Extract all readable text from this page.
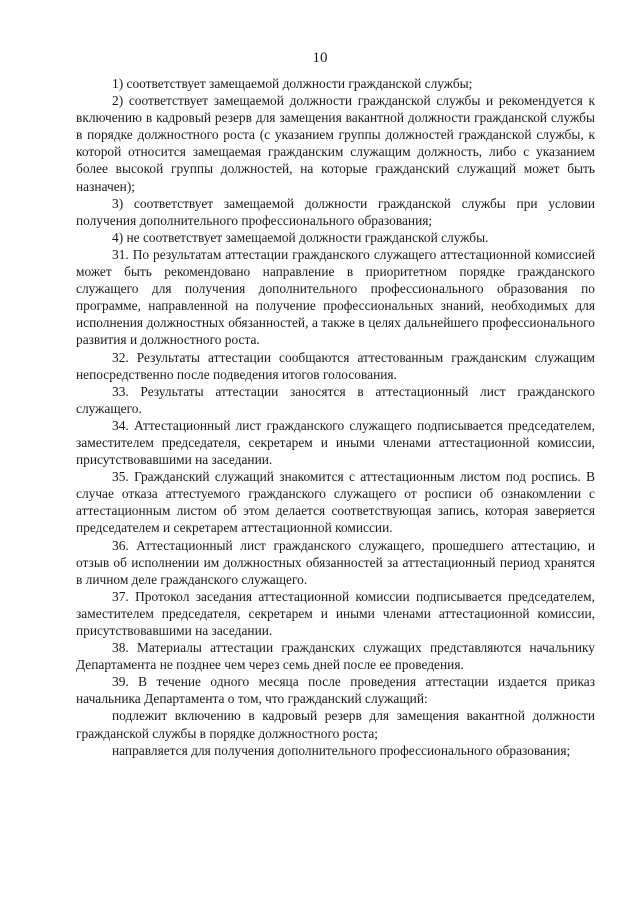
10

1) соответствует замещаемой должности гражданской службы;

2) соответствует замещаемой должности гражданской службы и рекомендуется к включению в кадровый резерв для замещения вакантной должности гражданской службы в порядке должностного роста (с указанием группы должностей гражданской службы, к которой относится замещаемая гражданским служащим должность, либо с указанием более высокой группы должностей, на которые гражданский служащий может быть назначен);

3) соответствует замещаемой должности гражданской службы при условии получения дополнительного профессионального образования;

4) не соответствует замещаемой должности гражданской службы.

31. По результатам аттестации гражданского служащего аттестационной комиссией может быть рекомендовано направление в приоритетном порядке гражданского служащего для получения дополнительного профессионального образования по программе, направленной на получение профессиональных знаний, необходимых для исполнения должностных обязанностей, а также в целях дальнейшего профессионального развития и должностного роста.

32. Результаты аттестации сообщаются аттестованным гражданским служащим непосредственно после подведения итогов голосования.

33. Результаты аттестации заносятся в аттестационный лист гражданского служащего.

34. Аттестационный лист гражданского служащего подписывается председателем, заместителем председателя, секретарем и иными членами аттестационной комиссии, присутствовавшими на заседании.

35. Гражданский служащий знакомится с аттестационным листом под роспись. В случае отказа аттестуемого гражданского служащего от росписи об ознакомлении с аттестационным листом об этом делается соответствующая запись, которая заверяется председателем и секретарем аттестационной комиссии.

36. Аттестационный лист гражданского служащего, прошедшего аттестацию, и отзыв об исполнении им должностных обязанностей за аттестационный период хранятся в личном деле гражданского служащего.

37. Протокол заседания аттестационной комиссии подписывается председателем, заместителем председателя, секретарем и иными членами аттестационной комиссии, присутствовавшими на заседании.

38. Материалы аттестации гражданских служащих представляются начальнику Департамента не позднее чем через семь дней после ее проведения.

39. В течение одного месяца после проведения аттестации издается приказ начальника Департамента о том, что гражданский служащий:

подлежит включению в кадровый резерв для замещения вакантной должности гражданской службы в порядке должностного роста;

направляется для получения дополнительного профессионального образования;
